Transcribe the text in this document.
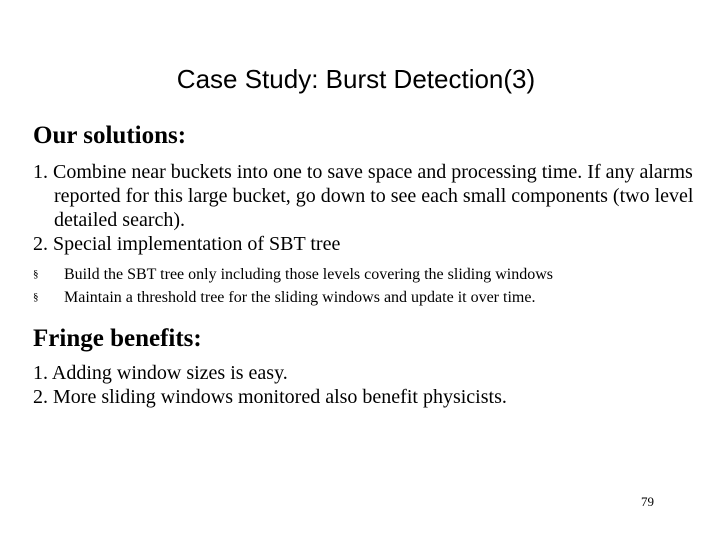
Case Study: Burst Detection(3)
Our solutions:
1. Combine near buckets into one to save space and processing time. If any alarms reported for this large bucket, go down to see each small components (two level detailed search).
2. Special implementation of SBT tree
§ Build the SBT tree only including those levels covering the sliding windows
§ Maintain a threshold tree for the sliding windows and update it over time.
Fringe benefits:
1. Adding window sizes is easy.
2. More sliding windows monitored also benefit physicists.
79
